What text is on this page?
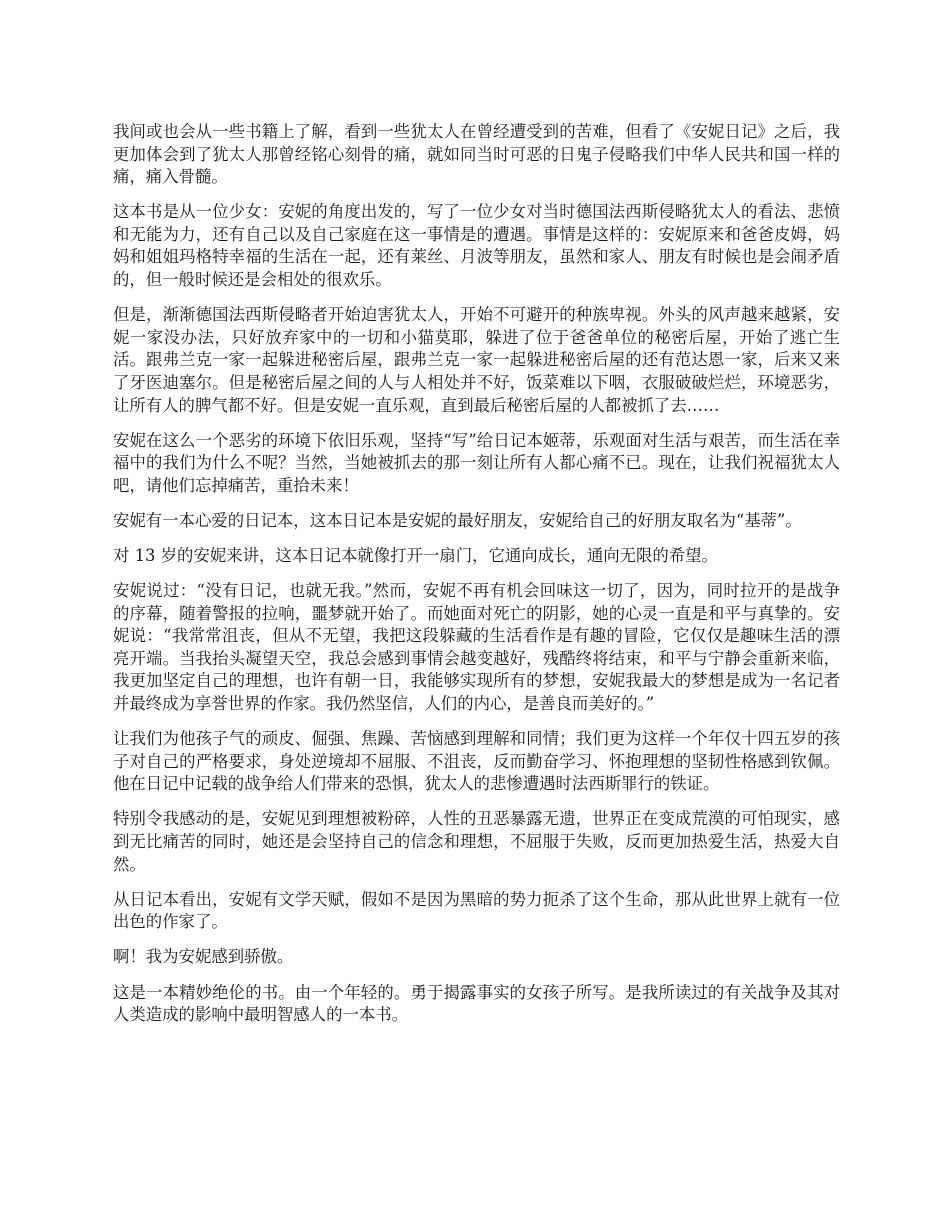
我间或也会从一些书籍上了解，看到一些犹太人在曾经遭受到的苦难，但看了《安妮日记》之后，我更加体会到了犹太人那曾经铭心刻骨的痛，就如同当时可恶的日鬼子侵略我们中华人民共和国一样的痛，痛入骨髓。

这本书是从一位少女：安妮的角度出发的，写了一位少女对当时德国法西斯侵略犹太人的看法、悲愤和无能为力，还有自己以及自己家庭在这一事情是的遭遇。事情是这样的：安妮原来和爸爸皮姆，妈妈和姐姐玛格特幸福的生活在一起，还有莱丝、月波等朋友，虽然和家人、朋友有时候也是会闹矛盾的，但一般时候还是会相处的很欢乐。

但是，渐渐德国法西斯侵略者开始迫害犹太人，开始不可避开的种族卑视。外头的风声越来越紧，安妮一家没办法，只好放弃家中的一切和小猫莫耶，躲进了位于爸爸单位的秘密后屋，开始了逃亡生活。跟弗兰克一家一起躲进秘密后屋，跟弗兰克一家一起躲进秘密后屋的还有范达恩一家，后来又来了牙医迪塞尔。但是秘密后屋之间的人与人相处并不好，饭菜难以下咽，衣服破破烂烂，环境恶劣，让所有人的脾气都不好。但是安妮一直乐观，直到最后秘密后屋的人都被抓了去……

安妮在这么一个恶劣的环境下依旧乐观，坚持“写”给日记本姬蒂，乐观面对生活与艰苦，而生活在幸福中的我们为什么不呢？当然，当她被抓去的那一刻让所有人都心痛不已。现在，让我们祝福犹太人吧，请他们忘掉痛苦，重拾未来！

安妮有一本心爱的日记本，这本日记本是安妮的最好朋友，安妮给自己的好朋友取名为“基蒂”。

对 13 岁的安妮来讲，这本日记本就像打开一扇门，它通向成长，通向无限的希望。

安妮说过：“没有日记，也就无我。”然而，安妮不再有机会回味这一切了，因为，同时拉开的是战争的序幕，随着警报的拉响，噩梦就开始了。而她面对死亡的阴影，她的心灵一直是和平与真挚的。安妮说：“我常常沮丧，但从不无望，我把这段躲藏的生活看作是有趣的冒险，它仅仅是趣味生活的漂亮开端。当我抬头凝望天空，我总会感到事情会越变越好，残酷终将结束，和平与宁静会重新来临，我更加坚定自己的理想，也许有朝一日，我能够实现所有的梦想，安妮我最大的梦想是成为一名记者并最终成为享誉世界的作家。我仍然坚信，人们的内心，是善良而美好的。”

让我们为他孩子气的顽皮、倔强、焦躁、苦恼感到理解和同情；我们更为这样一个年仅十四五岁的孩子对自己的严格要求，身处逆境却不屈服、不沮丧，反而勤奋学习、怀抱理想的坚韧性格感到钦佩。他在日记中记载的战争给人们带来的恐惧，犹太人的悲惨遭遇时法西斯罪行的铁证。

特别令我感动的是，安妮见到理想被粉碎，人性的丑恶暴露无遗，世界正在变成荒漠的可怕现实，感到无比痛苦的同时，她还是会坚持自己的信念和理想，不屈服于失败，反而更加热爱生活，热爱大自然。

从日记本看出，安妮有文学天赋，假如不是因为黑暗的势力扼杀了这个生命，那从此世界上就有一位出色的作家了。

啊！我为安妮感到骄傲。

这是一本精妙绝伦的书。由一个年轻的。勇于揭露事实的女孩子所写。是我所读过的有关战争及其对人类造成的影响中最明智感人的一本书。
